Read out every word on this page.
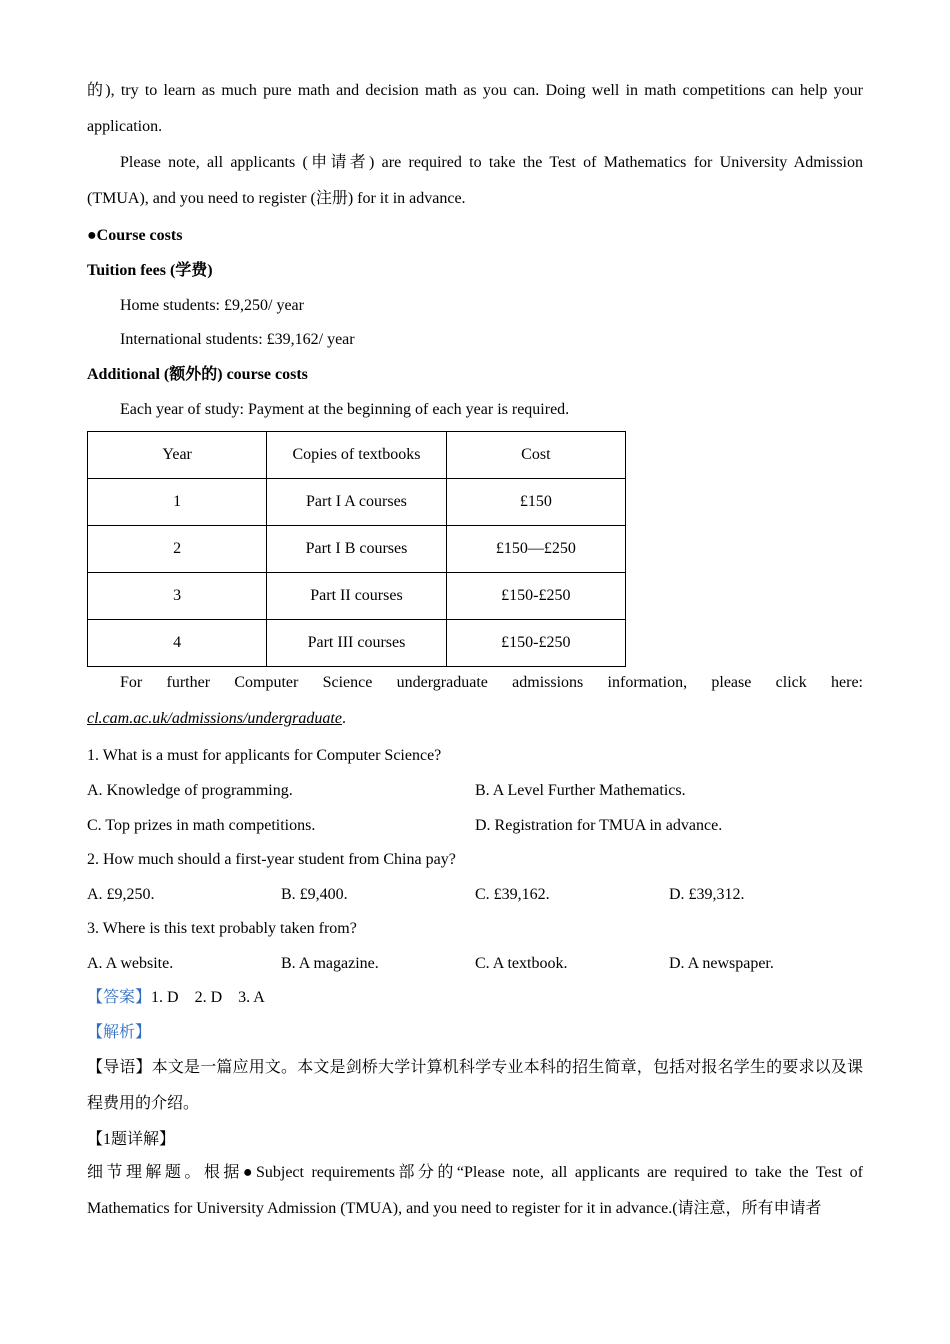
的), try to learn as much pure math and decision math as you can. Doing well in math competitions can help your
application.
Please note, all applicants (申请者) are required to take the Test of Mathematics for University Admission
(TMUA), and you need to register (注册) for it in advance.
●Course costs
Tuition fees (学费)
Home students: £9,250/ year
International students: £39,162/ year
Additional (额外的) course costs
Each year of study: Payment at the beginning of each year is required.
Year	Copies of textbooks	Cost
1	Part I A courses	£150
2	Part I B courses	£150—£250
3	Part II courses	£150-£250
4	Part III courses	£150-£250
For further Computer Science undergraduate admissions information, please click here:
cl.cam.ac.uk/admissions/undergraduate.
1. What is a must for applicants for Computer Science?
A. Knowledge of programming.	B. A Level Further Mathematics.
C. Top prizes in math competitions.	D. Registration for TMUA in advance.
2. How much should a first-year student from China pay?
A. £9,250.	B. £9,400.	C. £39,162.	D. £39,312.
3. Where is this text probably taken from?
A. A website.	B. A magazine.	C. A textbook.	D. A newspaper.
【答案】1. D    2. D    3. A
【解析】
【导语】本文是一篇应用文。本文是剑桥大学计算机科学专业本科的招生简章，包括对报名学生的要求以及课程费用的介绍。
【1题详解】
细节理解题。根据●Subject requirements部分的“Please note, all applicants are required to take the Test of Mathematics for University Admission (TMUA), and you need to register for it in advance.(请注意，所有申请者
